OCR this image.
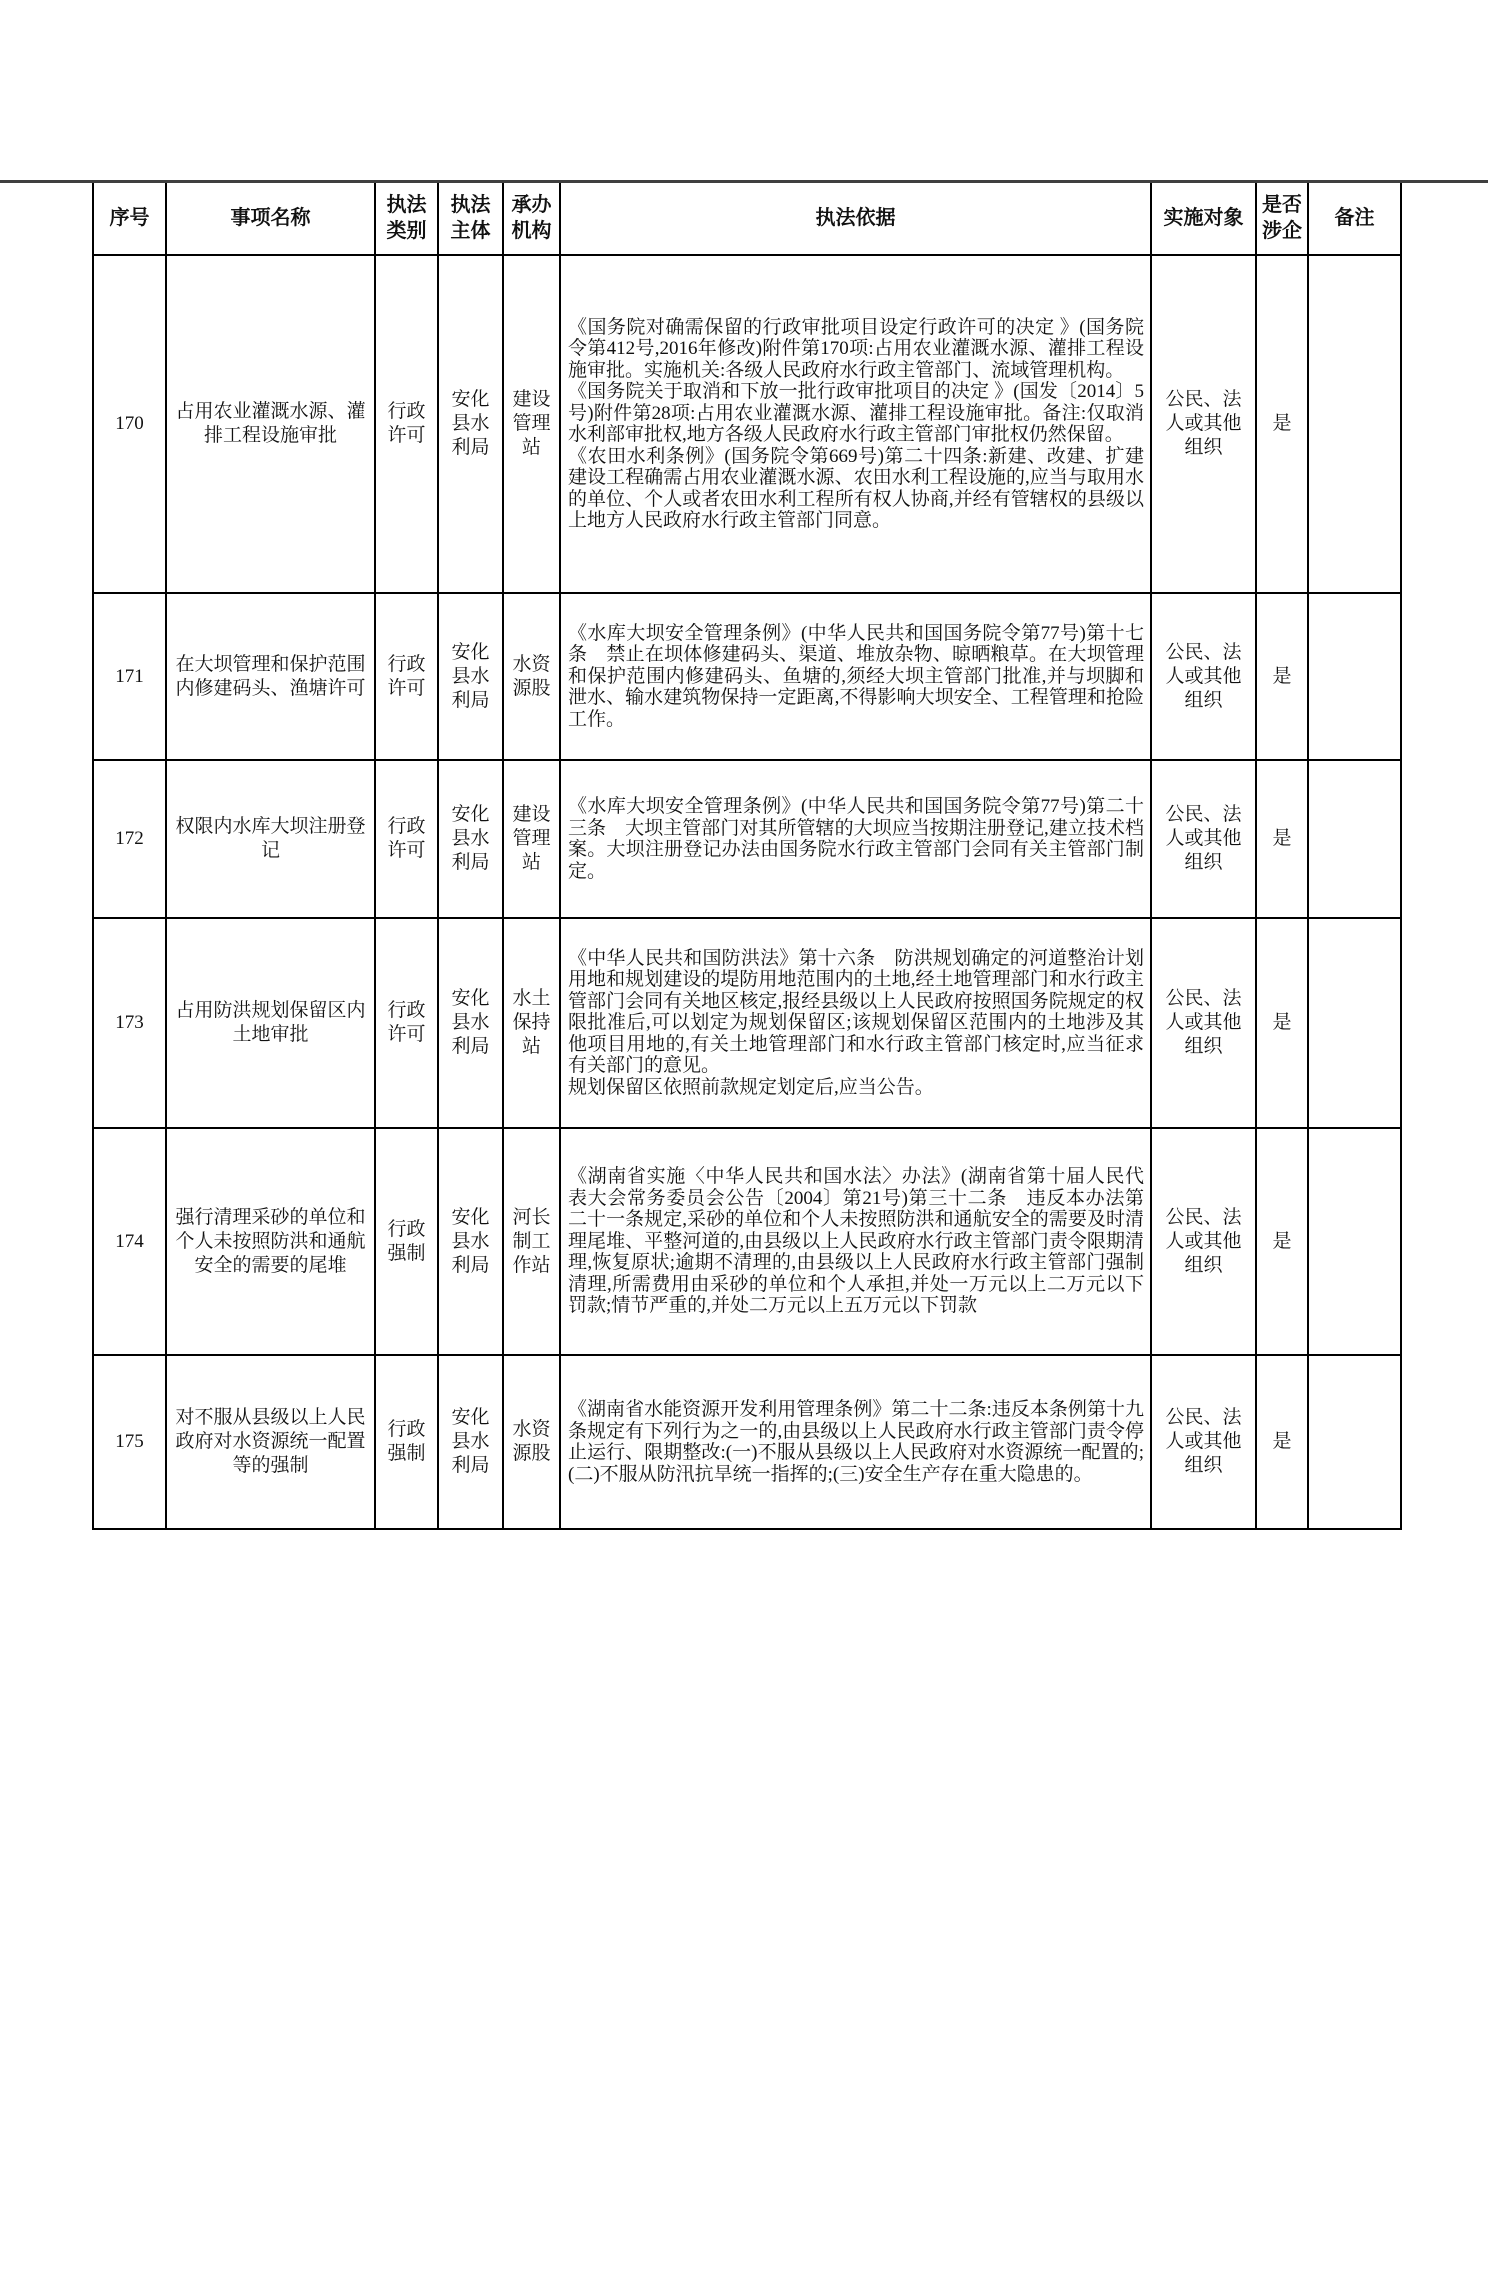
序号	事项名称	执法类别	执法主体	承办机构	执法依据	实施对象	是否涉企	备注
170	占用农业灌溉水源、灌排工程设施审批	行政许可	安化县水利局	建设管理站	《国务院对确需保留的行政审批项目设定行政许可的决定 》(国务院令第412号,2016年修改)附件第170项:占用农业灌溉水源、灌排工程设施审批。实施机关:各级人民政府水行政主管部门、流域管理机构。
《国务院关于取消和下放一批行政审批项目的决定 》(国发〔2014〕5号)附件第28项:占用农业灌溉水源、灌排工程设施审批。备注:仅取消水利部审批权,地方各级人民政府水行政主管部门审批权仍然保留。
《农田水利条例》(国务院令第669号)第二十四条:新建、改建、扩建建设工程确需占用农业灌溉水源、农田水利工程设施的,应当与取用水的单位、个人或者农田水利工程所有权人协商,并经有管辖权的县级以上地方人民政府水行政主管部门同意。	公民、法人或其他组织	是	
171	在大坝管理和保护范围内修建码头、渔塘许可	行政许可	安化县水利局	水资源股	《水库大坝安全管理条例》(中华人民共和国国务院令第77号)第十七条　禁止在坝体修建码头、渠道、堆放杂物、晾晒粮草。在大坝管理和保护范围内修建码头、鱼塘的,须经大坝主管部门批准,并与坝脚和泄水、输水建筑物保持一定距离,不得影响大坝安全、工程管理和抢险工作。	公民、法人或其他组织	是	
172	权限内水库大坝注册登记	行政许可	安化县水利局	建设管理站	《水库大坝安全管理条例》(中华人民共和国国务院令第77号)第二十三条　大坝主管部门对其所管辖的大坝应当按期注册登记,建立技术档案。大坝注册登记办法由国务院水行政主管部门会同有关主管部门制定。	公民、法人或其他组织	是	
173	占用防洪规划保留区内土地审批	行政许可	安化县水利局	水土保持站	《中华人民共和国防洪法》第十六条　防洪规划确定的河道整治计划用地和规划建设的堤防用地范围内的土地,经土地管理部门和水行政主管部门会同有关地区核定,报经县级以上人民政府按照国务院规定的权限批准后,可以划定为规划保留区;该规划保留区范围内的土地涉及其他项目用地的,有关土地管理部门和水行政主管部门核定时,应当征求有关部门的意见。
规划保留区依照前款规定划定后,应当公告。	公民、法人或其他组织	是	
174	强行清理采砂的单位和个人未按照防洪和通航安全的需要的尾堆	行政强制	安化县水利局	河长制工作站	《湖南省实施〈中华人民共和国水法〉办法》(湖南省第十届人民代表大会常务委员会公告〔2004〕第21号)第三十二条　违反本办法第二十一条规定,采砂的单位和个人未按照防洪和通航安全的需要及时清理尾堆、平整河道的,由县级以上人民政府水行政主管部门责令限期清理,恢复原状;逾期不清理的,由县级以上人民政府水行政主管部门强制清理,所需费用由采砂的单位和个人承担,并处一万元以上二万元以下罚款;情节严重的,并处二万元以上五万元以下罚款	公民、法人或其他组织	是	
175	对不服从县级以上人民政府对水资源统一配置等的强制	行政强制	安化县水利局	水资源股	《湖南省水能资源开发利用管理条例》第二十二条:违反本条例第十九条规定有下列行为之一的,由县级以上人民政府水行政主管部门责令停止运行、限期整改:(一)不服从县级以上人民政府对水资源统一配置的;(二)不服从防汛抗旱统一指挥的;(三)安全生产存在重大隐患的。	公民、法人或其他组织	是	
